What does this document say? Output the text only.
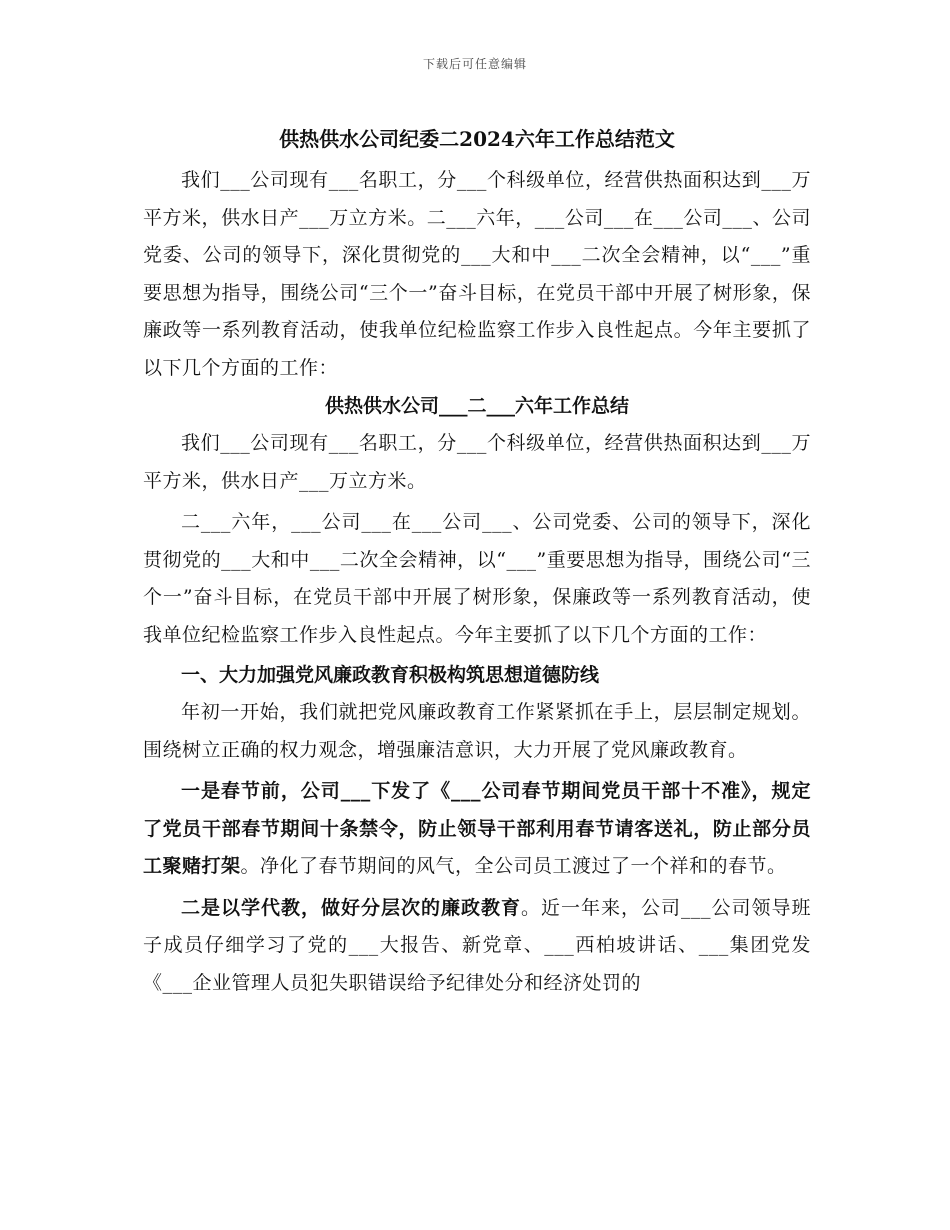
下载后可任意编辑

供热供水公司纪委二2024六年工作总结范文

我们___公司现有___名职工，分___个科级单位，经营供热面积达到___万平方米，供水日产___万立方米。二___六年，___公司___在___公司___、公司党委、公司的领导下，深化贯彻党的___大和中___二次全会精神，以“___”重要思想为指导，围绕公司“三个一”奋斗目标，在党员干部中开展了树形象，保廉政等一系列教育活动，使我单位纪检监察工作步入良性起点。今年主要抓了以下几个方面的工作：

供热供水公司___二___六年工作总结

我们___公司现有___名职工，分___个科级单位，经营供热面积达到___万平方米，供水日产___万立方米。

二___六年，___公司___在___公司___、公司党委、公司的领导下，深化贯彻党的___大和中___二次全会精神，以“___”重要思想为指导，围绕公司“三个一”奋斗目标，在党员干部中开展了树形象，保廉政等一系列教育活动，使我单位纪检监察工作步入良性起点。今年主要抓了以下几个方面的工作：

一、大力加强党风廉政教育积极构筑思想道德防线

年初一开始，我们就把党风廉政教育工作紧紧抓在手上，层层制定规划。围绕树立正确的权力观念，增强廉洁意识，大力开展了党风廉政教育。

一是春节前，公司___下发了《___公司春节期间党员干部十不准》，规定了党员干部春节期间十条禁令，防止领导干部利用春节请客送礼，防止部分员工聚赌打架。净化了春节期间的风气，全公司员工渡过了一个祥和的春节。

二是以学代教，做好分层次的廉政教育。近一年来，公司___公司领导班子成员仔细学习了党的___大报告、新党章、___西柏坡讲话、___集团党发《___企业管理人员犯失职错误给予纪律处分和经济处罚的
